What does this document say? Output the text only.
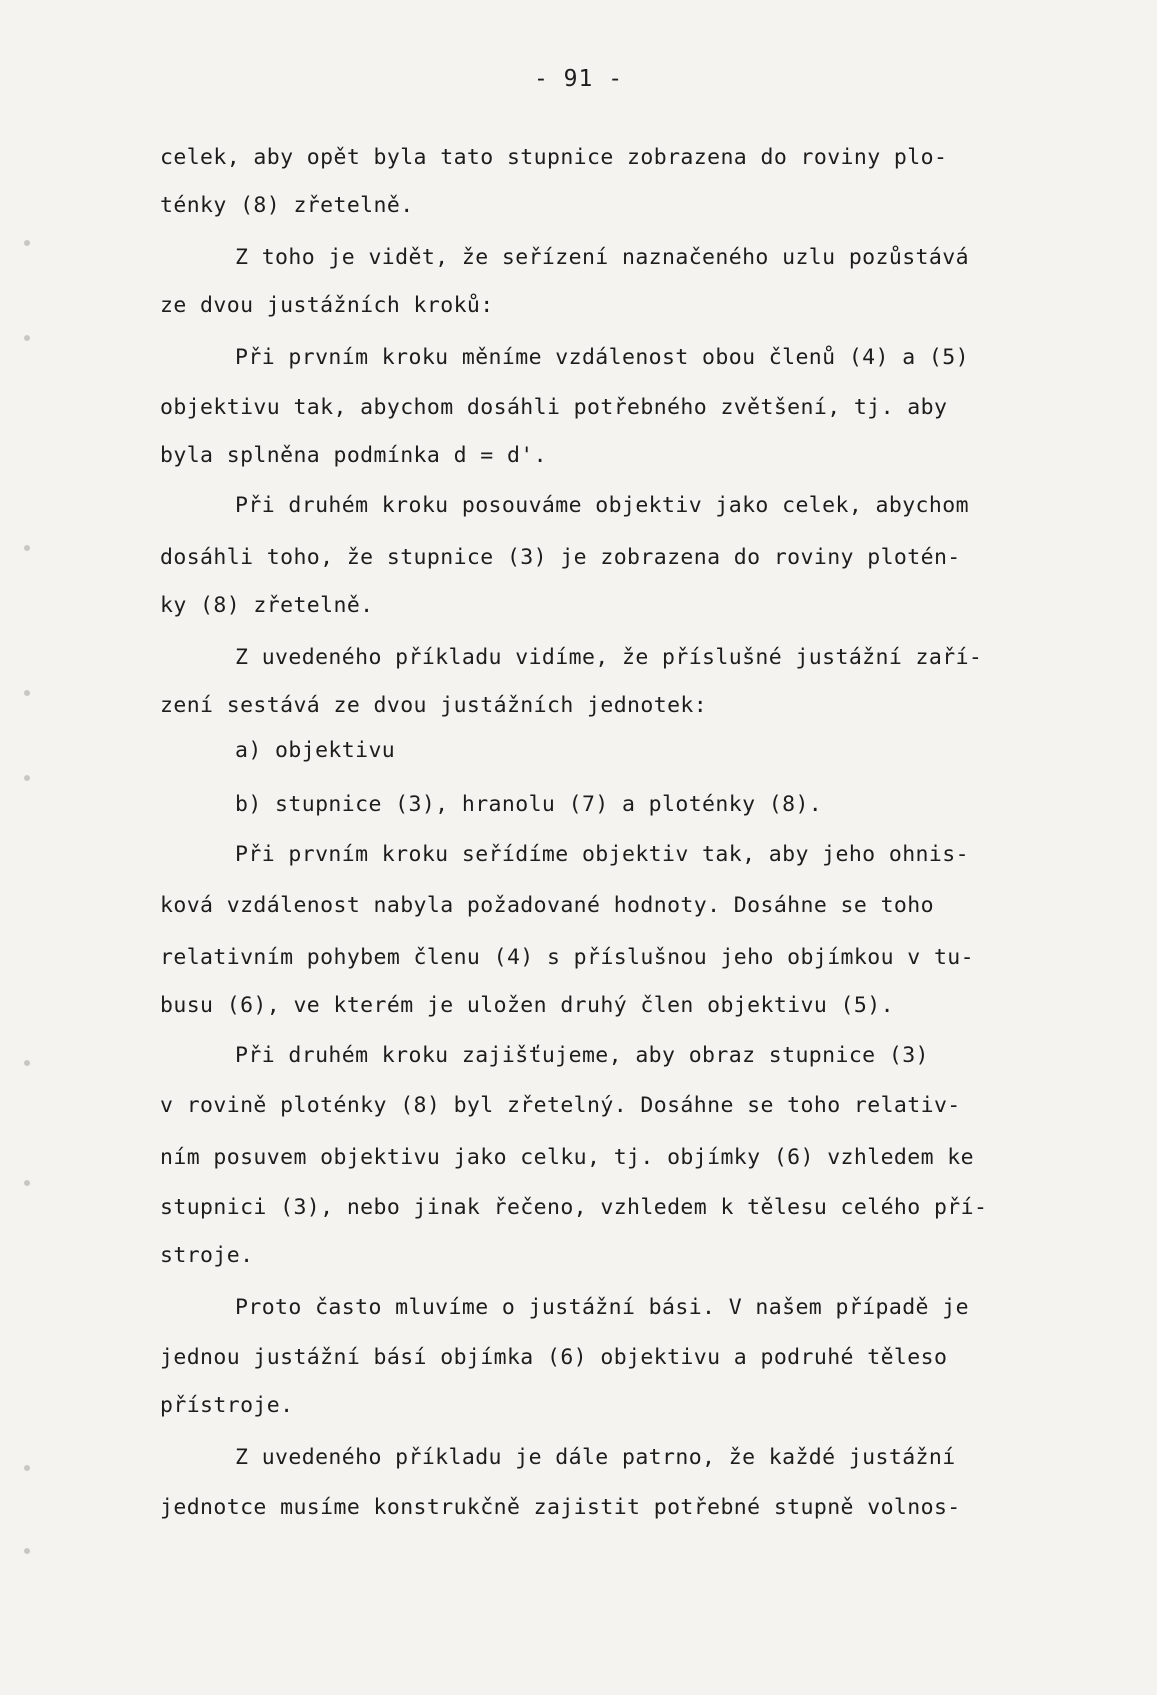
- 91 -
celek, aby opět byla tato stupnice zobrazena do roviny plo-
ténky (8) zřetelně.
Z toho je vidět, že seřízení naznačeného uzlu pozůstává
ze dvou justážních kroků:
Při prvním kroku měníme vzdálenost obou členů (4) a (5)
objektivu tak, abychom dosáhli potřebného zvětšení, tj. aby
byla splněna podmínka d = d'.
Při druhém kroku posouváme objektiv jako celek, abychom
dosáhli toho, že stupnice (3) je zobrazena do roviny plotén-
ky (8) zřetelně.
Z uvedeného příkladu vidíme, že příslušné justážní zaří-
zení sestává ze dvou justážních jednotek:
a) objektivu
b) stupnice (3), hranolu (7) a ploténky (8).
Při prvním kroku seřídíme objektiv tak, aby jeho ohnis-
ková vzdálenost nabyla požadované hodnoty. Dosáhne se toho
relativním pohybem členu (4) s příslušnou jeho objímkou v tu-
busu (6), ve kterém je uložen druhý člen objektivu (5).
Při druhém kroku zajišťujeme, aby obraz stupnice (3)
v rovině ploténky (8) byl zřetelný. Dosáhne se toho relativ-
ním posuvem objektivu jako celku, tj. objímky (6) vzhledem ke
stupnici (3), nebo jinak řečeno, vzhledem k tělesu celého pří-
stroje.
Proto často mluvíme o justážní bási. V našem případě je
jednou justážní básí objímka (6) objektivu a podruhé těleso
přístroje.
Z uvedeného příkladu je dále patrno, že každé justážní
jednotce musíme konstrukčně zajistit potřebné stupně volnos-
